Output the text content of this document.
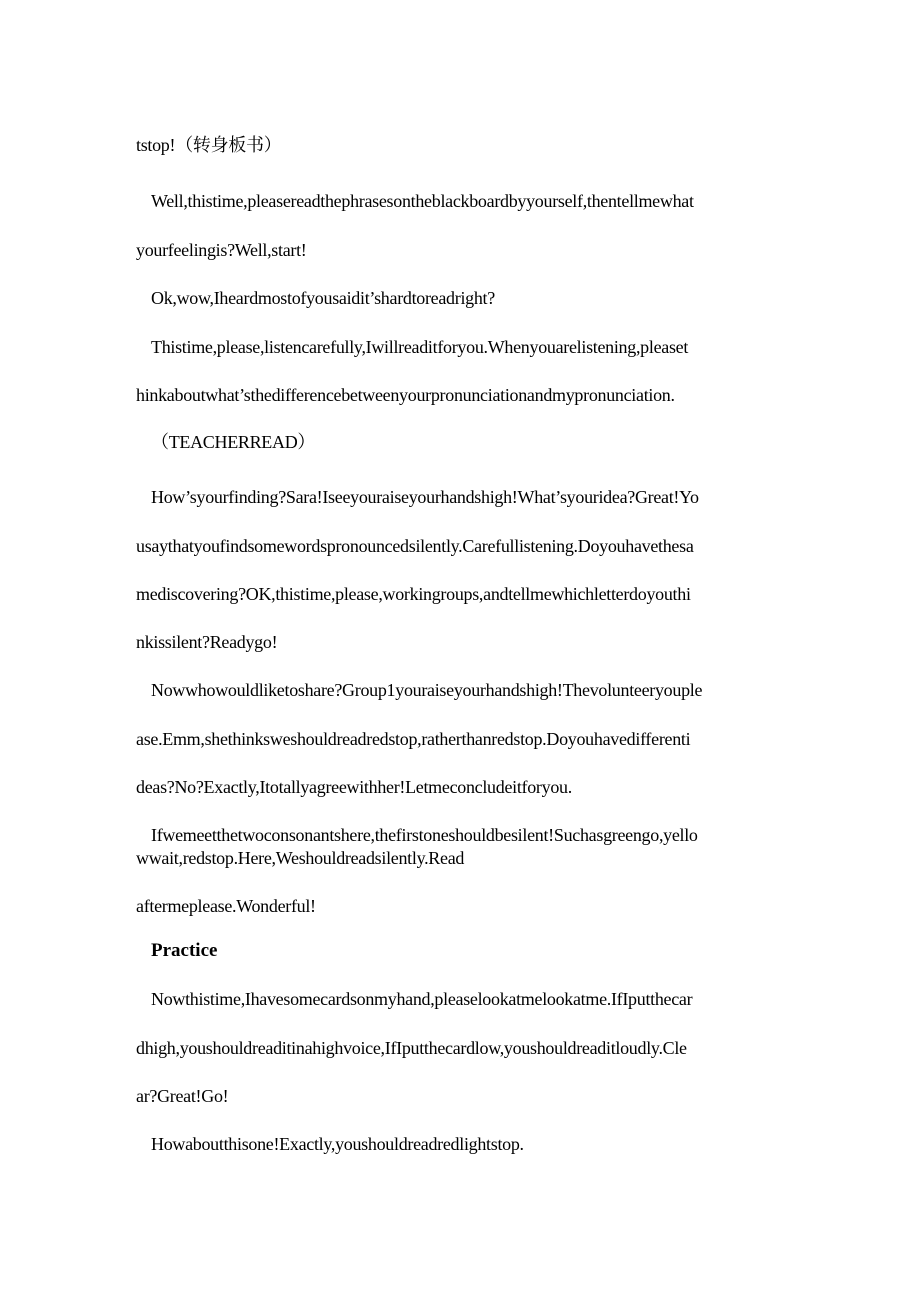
tstop!（转身板书）
Well,thistime,pleasereadthephrasesontheblackboardbyyourself,thentellmewhat
yourfeelingis?Well,start!
Ok,wow,Iheardmostofyousaidit’shardtoreadright?
Thistime,please,listencarefully,Iwillreaditforyou.Whenyouarelistening,pleaset
hinkaboutwhat’sthedifferencebetweenyourpronunciationandmypronunciation.
（TEACHERREAD）
How’syourfinding?Sara!Iseeyouraiseyourhandshigh!What’syouridea?Great!Yo
usaythatyoufindsomewordspronouncedsilently.Carefullistening.Doyouhavethesa
mediscovering?OK,thistime,please,workingroups,andtellmewhichletterdoyouthi
nkissilent?Readygo!
Nowwhowouldliketoshare?Group1youraiseyourhandshigh!Thevolunteeryouple
ase.Emm,shethinksweshouldreadredstop,ratherthanredstop.Doyouhavedifferenti
deas?No?Exactly,Itotallyagreewithher!Letmeconcludeitforyou.
Ifwemeetthetwoconsonantshere,thefirstoneshouldbesilent!Suchasgreengo,yello
wwait,redstop.Here,Weshouldreadsilently.Read
aftermeplease.Wonderful!
Practice
Nowthistime,Ihavesomecardsonmyhand,pleaselookatmelookatme.IfIputthecar
dhigh,youshouldreaditinahighvoice,IfIputthecardlow,youshouldreaditloudly.Cle
ar?Great!Go!
Howaboutthisone!Exactly,youshouldreadredlightstop.
